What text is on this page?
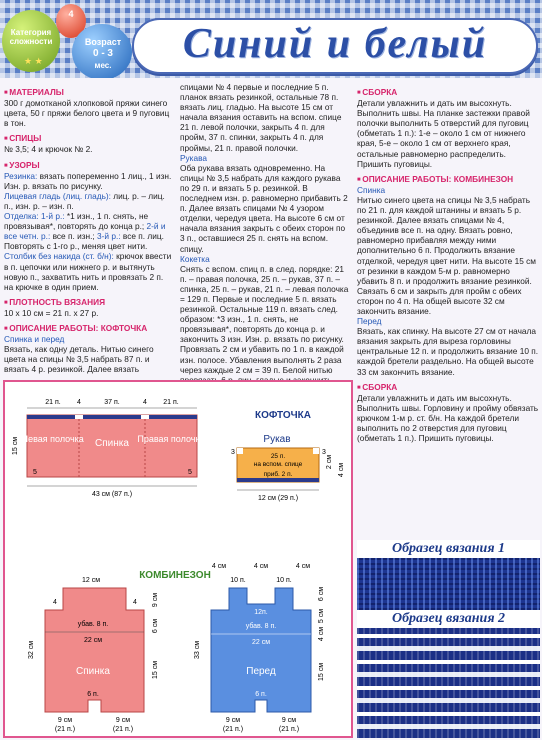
Категория сложности
4
Возраст
0 - 3
мес.
★ ★	Синий и белый
■ МАТЕРИАЛЫ

300 г домотканой хлопковой пряжи синего цвета, 50 г пряжи белого цвета и 9 пуговиц в тон.

■ СПИЦЫ

№ 3,5; 4 и крючок № 2.

■ УЗОРЫ

Резинка: вязать попеременно 1 лиц., 1 изн. Изн. р. вязать по рисунку.

Лицевая гладь (лиц. гладь): лиц. р. – лиц. п., изн. р. – изн. п.

Отделка: 1-й р.: *1 изн., 1 п. снять, не провязывая*, повторять до конца р.; 2-й и все четн. р.: все п. изн.; 3-й р.: все п. лиц. Повторять с 1-го р., меняя цвет нити.

Столбик без накида (ст. б/н): крючок ввести в п. цепочки или нижнего р. и вытянуть новую п., захватить нить и провязать 2 п. на крючке в один прием.

■ ПЛОТНОСТЬ ВЯЗАНИЯ

10 х 10 см = 21 п. х 27 р.

■ ОПИСАНИЕ РАБОТЫ: КОФТОЧКА
Спинка и перед

Вязать, как одну деталь. Нитью синего цвета на спицы № 3,5 набрать 87 п. и вязать 4 р. резинкой. Далее вязать

спицами № 4 первые и последние 5 п. планок вязать резинкой, остальные 78 п. вязать лиц. гладью. На высоте 15 см от начала вязания оставить на вспом. спице 21 п. левой полочки, закрыть 4 п. для пройм, 37 п. спинки, закрыть 4 п. для проймы, 21 п. правой полочки.

Рукава

Оба рукава вязать одновременно. На спицы № 3,5 набрать для каждого рукава по 29 п. и вязать 5 р. резинкой. В последнем изн. р. равномерно прибавить 2 п. Далее вязать спицами № 4 узором отделки, чередуя цвета. На высоте 6 см от начала вязания закрыть с обеих сторон по 3 п., оставшиеся 25 п. снять на вспом. спицу.

Кокетка

Снять с вспом. спиц п. в след. порядке: 21 п. – правая полочка, 25 п. – рукав, 37 п. – спинка, 25 п. – рукав, 21 п. – левая полочка = 129 п. Первые и последние 5 п. вязать резинкой. Остальные 119 п. вязать след. образом: *3 изн., 1 п. снять, не провязывая*, повторять до конца р. и закончить 3 изн. Изн. р. вязать по рисунку. Провязать 2 см и убавить по 1 п. в каждой изн. полосе. Убавления выполнять 2 раза через каждые 2 см = 39 п. Белой нитью

■ СБОРКА

Детали увлажнить и дать им высохнуть. Выполнить швы. На планке застежки правой полочки выполнить 5 отверстий для пуговиц (обметать 1 п.): 1-е – около 1 см от нижнего края, 5-е – около 1 см от верхнего края, остальные равномерно распределить. Пришить пуговицы.

■ ОПИСАНИЕ РАБОТЫ: КОМБИНЕЗОН
Спинка

Нитью синего цвета на спицы № 3,5 набрать по 21 п. для каждой штанины и вязать 5 р. резинкой. Далее вязать спицами № 4, объединив все п. на одну. Вязать ровно, равномерно прибавляя между ними дополнительно 6 п. Продолжить вязание отделкой, чередуя цвет нити. На высоте 15 см от резинки в каждом 5-м р. равномерно убавить 8 п. и продолжить вязание резинкой. Связать 6 см и закрыть для пройм с обеих сторон по 4 п. На общей высоте 32 см закончить вязание.

Перед

Вязать, как спинку. На высоте 27 см от начала вязания закрыть для выреза горловины центральные 12 п. и продолжить вязание 10 п. каждой бретели раздельно. На общей высоте 33 см закончить вязание.

■ СБОРКА

Детали увлажнить и дать им высохнуть. Выполнить швы. Горловину и пройму обвязать крючком 1-м р. ст. б/н. На каждой бретели выполнить по 2 отверстия для пуговиц (обметать 1 п.). Пришить пуговицы.

Левая полочка Спинка Правая полочка
21 п. 4	37 п.	4 21 п.
15 см
5	5
43 см (87 п.)
КОФТОЧКА
Рукав
3	3
25 п.
на вспом. спице
приб. 2 п.
2 см
4 см
12 см (29 п.)
КОМБИНЕЗОН
12 см
4	4 9 см
6 см
15 см
32 см
убав. 8 п.
22 см
Спинка
6 п.
9 см
(21 п.)
9 см
(21 п.)
4 см	4 см	4 см
10 п.	10 п.
12п.
6 см
5 см
4 см
15 см
33 см
убав. 8 п.
22 см
Перед
6 п.
9 см
(21 п.)
9 см
(21 п.)
Образец вязания 1
Образец вязания 2
